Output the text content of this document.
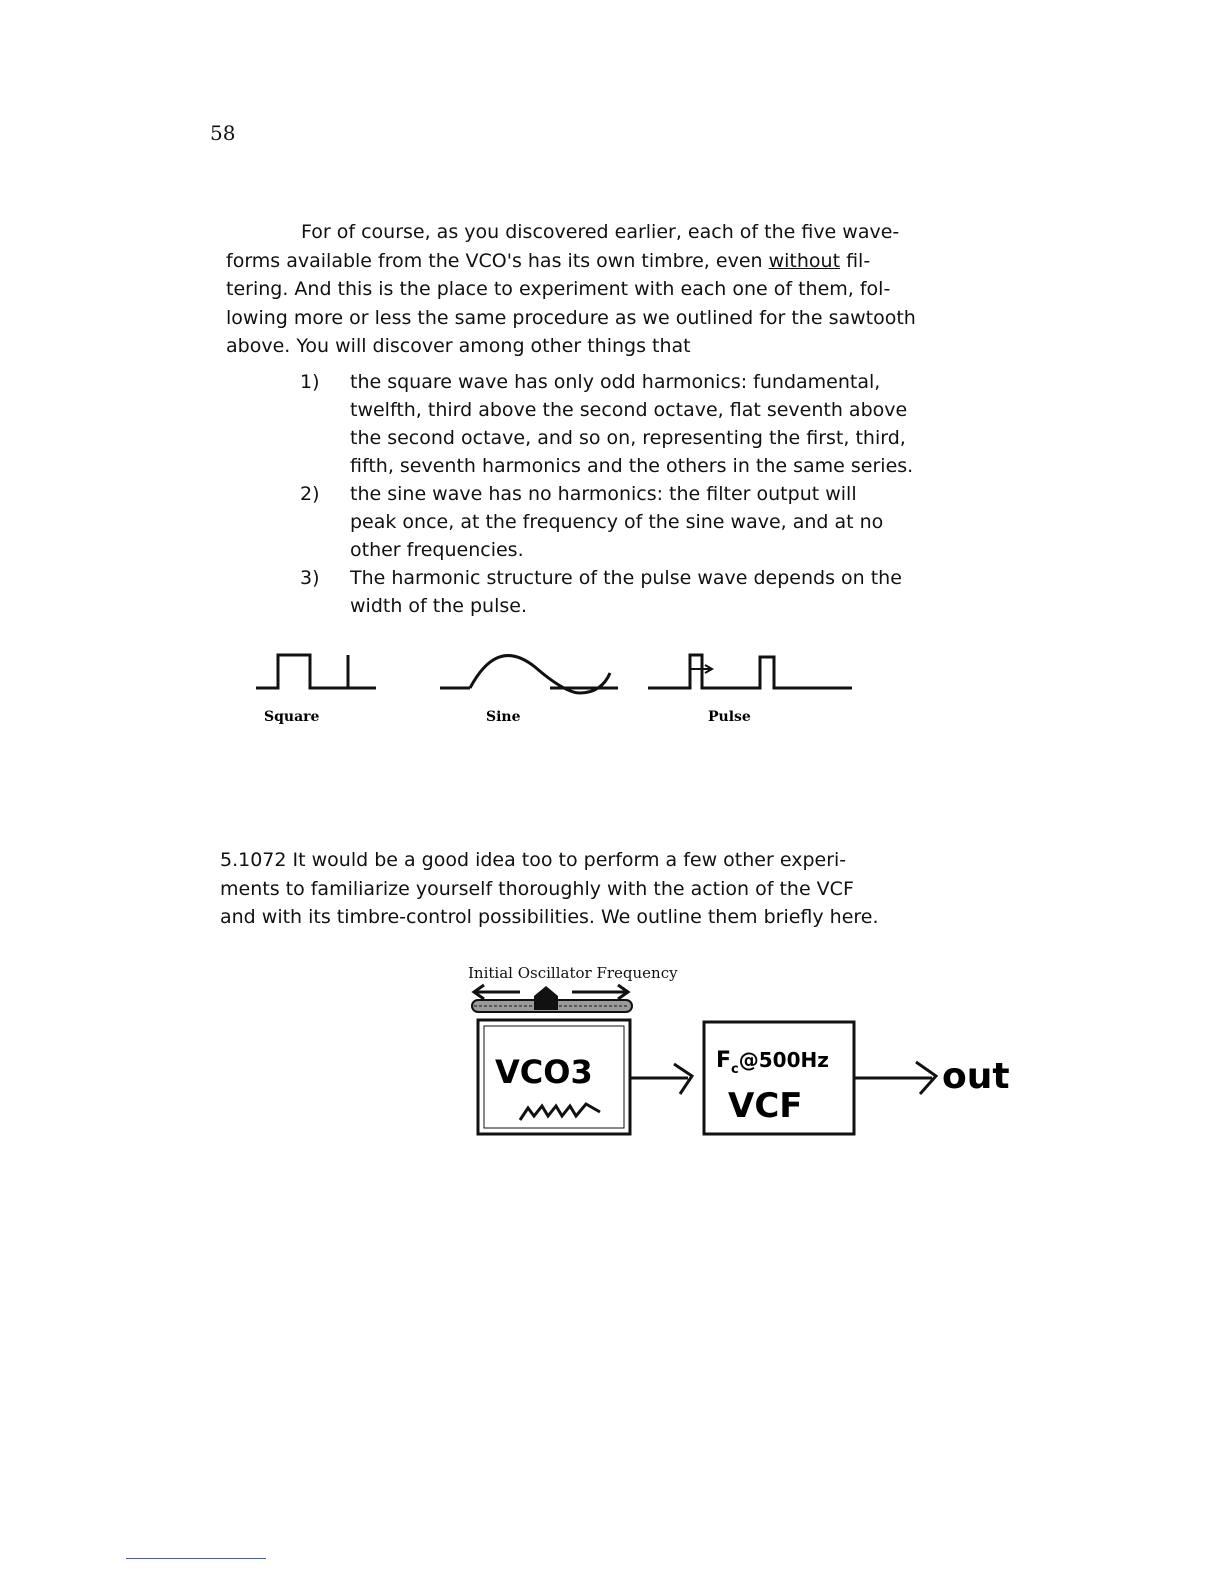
58
For of course, as you discovered earlier, each of the five wave-
forms available from the VCO's has its own timbre, even without fil-
tering. And this is the place to experiment with each one of them, fol-
lowing more or less the same procedure as we outlined for the sawtooth
above. You will discover among other things that
1)	the square wave has only odd harmonics: fundamental,
twelfth, third above the second octave, flat seventh above
the second octave, and so on, representing the first, third,
fifth, seventh harmonics and the others in the same series.
2)	the sine wave has no harmonics: the filter output will
peak once, at the frequency of the sine wave, and at no
other frequencies.
3)	The harmonic structure of the pulse wave depends on the
width of the pulse.
Square	Sine	Pulse
5.1072 It would be a good idea too to perform a few other experi-
ments to familiarize yourself thoroughly with the action of the VCF
and with its timbre-control possibilities. We outline them briefly here.
Initial Oscillator Frequency
VCO3	$F_c@500Hz$
VCF
out
